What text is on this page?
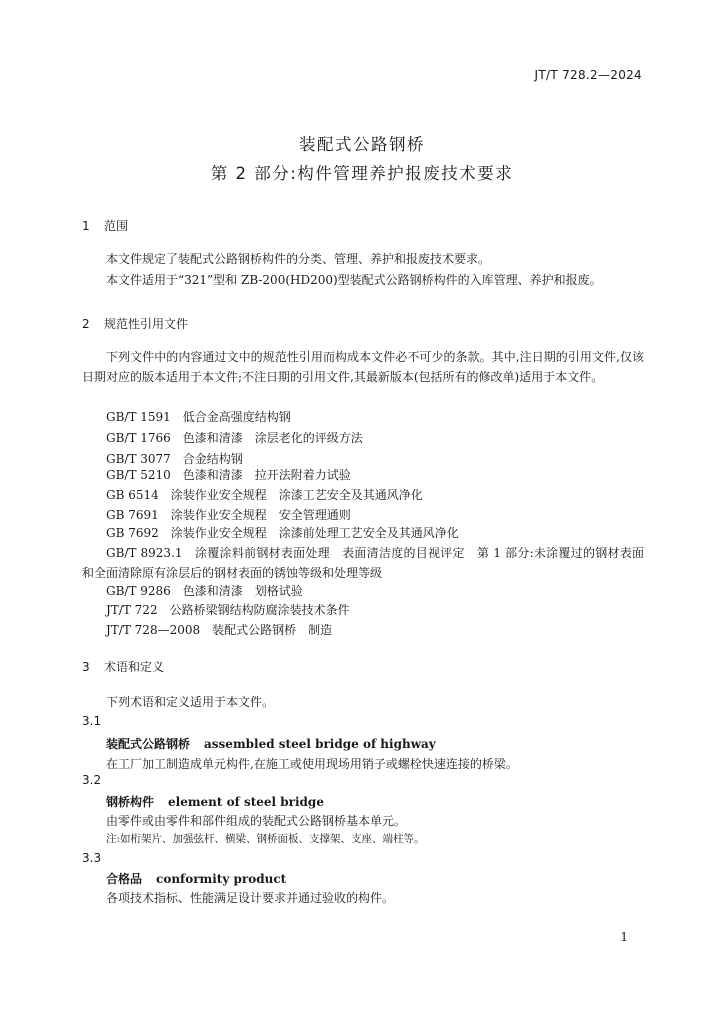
JT/T 728.2—2024
装配式公路钢桥
第 2 部分:构件管理养护报废技术要求
1 范围
本文件规定了装配式公路钢桥构件的分类、管理、养护和报废技术要求。
本文件适用于“321”型和 ZB-200(HD200)型装配式公路钢桥构件的入库管理、养护和报废。
2 规范性引用文件
下列文件中的内容通过文中的规范性引用而构成本文件必不可少的条款。其中,注日期的引用文件,仅该日期对应的版本适用于本文件;不注日期的引用文件,其最新版本(包括所有的修改单)适用于本文件。
GB/T 1591　低合金高强度结构钢
GB/T 1766　色漆和清漆　涂层老化的评级方法
GB/T 3077　合金结构钢
GB/T 5210　色漆和清漆　拉开法附着力试验
GB 6514　涂装作业安全规程　涂漆工艺安全及其通风净化
GB 7691　涂装作业安全规程　安全管理通则
GB 7692　涂装作业安全规程　涂漆前处理工艺安全及其通风净化
GB/T 8923.1　涂覆涂料前钢材表面处理　表面清洁度的目视评定　第 1 部分:未涂覆过的钢材表面和全面清除原有涂层后的钢材表面的锈蚀等级和处理等级
GB/T 9286　色漆和清漆　划格试验
JT/T 722　公路桥梁钢结构防腐涂装技术条件
JT/T 728—2008　装配式公路钢桥　制造
3 术语和定义
下列术语和定义适用于本文件。
3.1
装配式公路钢桥 assembled steel bridge of highway
在工厂加工制造成单元构件,在施工或使用现场用销子或螺栓快速连接的桥梁。
3.2
钢桥构件 element of steel bridge
由零件或由零件和部件组成的装配式公路钢桥基本单元。
注:如桁架片、加强弦杆、横梁、钢桥面板、支撑架、支座、端柱等。
3.3
合格品 conformity product
各项技术指标、性能满足设计要求并通过验收的构件。
1
